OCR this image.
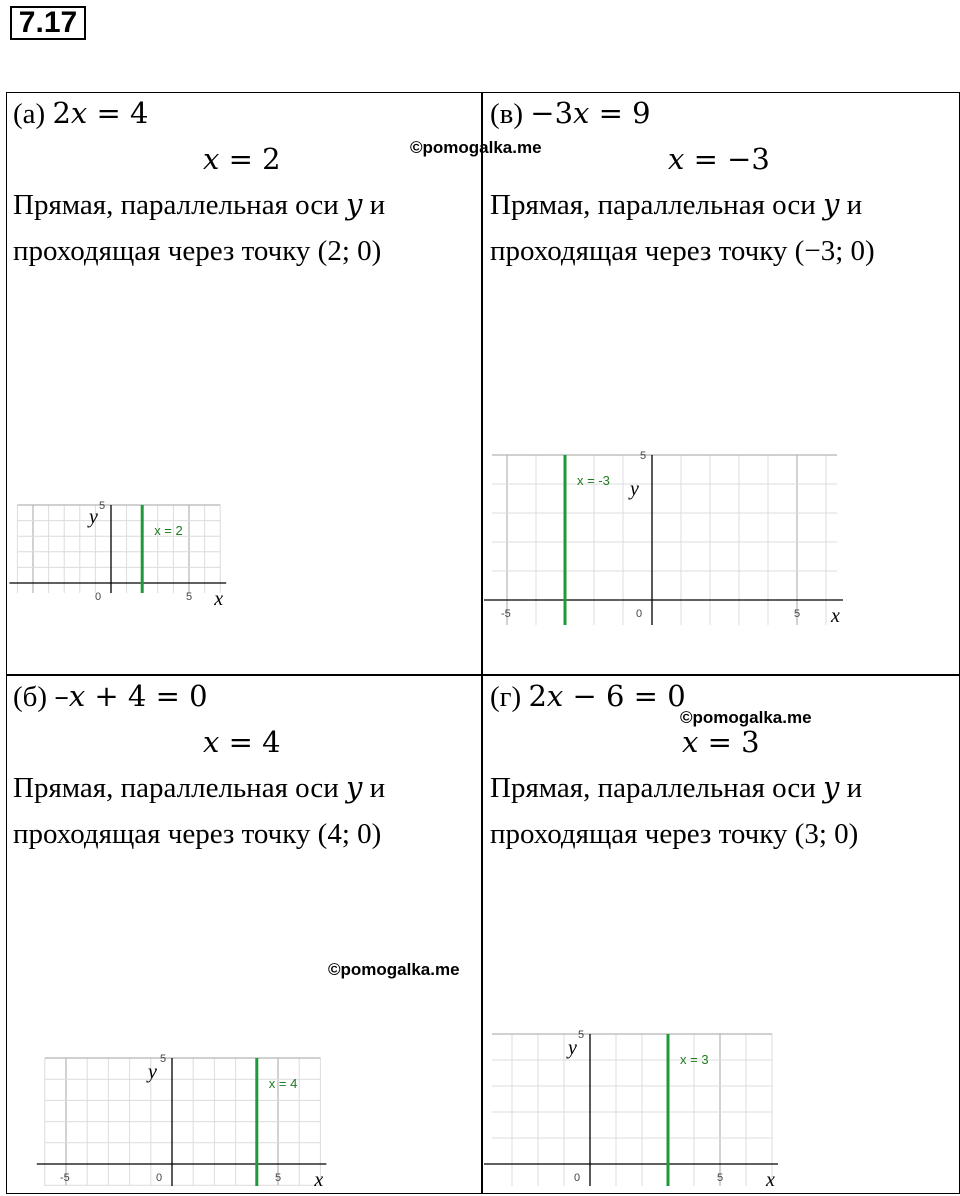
7.17
(а) 2𝑥 = 4
𝑥 = 2
Прямая, параллельная оси 𝑦 и
проходящая через точку (2; 0)
0	5
5
x
y
x = 2
(в) −3𝑥 = 9
𝑥 = −3
Прямая, параллельная оси 𝑦 и
проходящая через точку (−3; 0)
0	5
-5
5
x
y
x = -3
(б) –𝑥 + 4 = 0
𝑥 = 4
Прямая, параллельная оси 𝑦 и
проходящая через точку (4; 0)
0	5
-5
5
x
y
x = 4
(г) 2𝑥 − 6 = 0
𝑥 = 3
Прямая, параллельная оси 𝑦 и
проходящая через точку (3; 0)
0	5
5
x
y
x = 3
©pomogalka.me
©pomogalka.me
©pomogalka.me
